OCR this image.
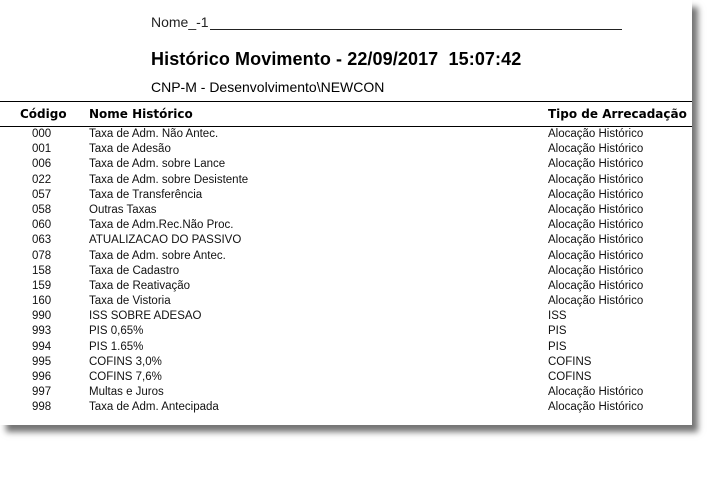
Nome_-1
Histórico Movimento - 22/09/2017  15:07:42
CNP-M - Desenvolvimento\NEWCON
Código Nome Histórico	Tipo de Arrecadação
000	Taxa de Adm. Não Antec.	Alocação Histórico
001	Taxa de Adesão	Alocação Histórico
006	Taxa de Adm. sobre Lance	Alocação Histórico
022	Taxa de Adm. sobre Desistente	Alocação Histórico
057	Taxa de Transferência	Alocação Histórico
058	Outras Taxas	Alocação Histórico
060	Taxa de Adm.Rec.Não Proc.	Alocação Histórico
063	ATUALIZACAO DO PASSIVO	Alocação Histórico
078	Taxa de Adm. sobre Antec.	Alocação Histórico
158	Taxa de Cadastro	Alocação Histórico
159	Taxa de Reativação	Alocação Histórico
160	Taxa de Vistoria	Alocação Histórico
990	ISS SOBRE ADESAO	ISS
993	PIS 0,65%	PIS
994	PIS 1.65%	PIS
995	COFINS 3,0%	COFINS
996	COFINS 7,6%	COFINS
997	Multas e Juros	Alocação Histórico
998	Taxa de Adm. Antecipada	Alocação Histórico
